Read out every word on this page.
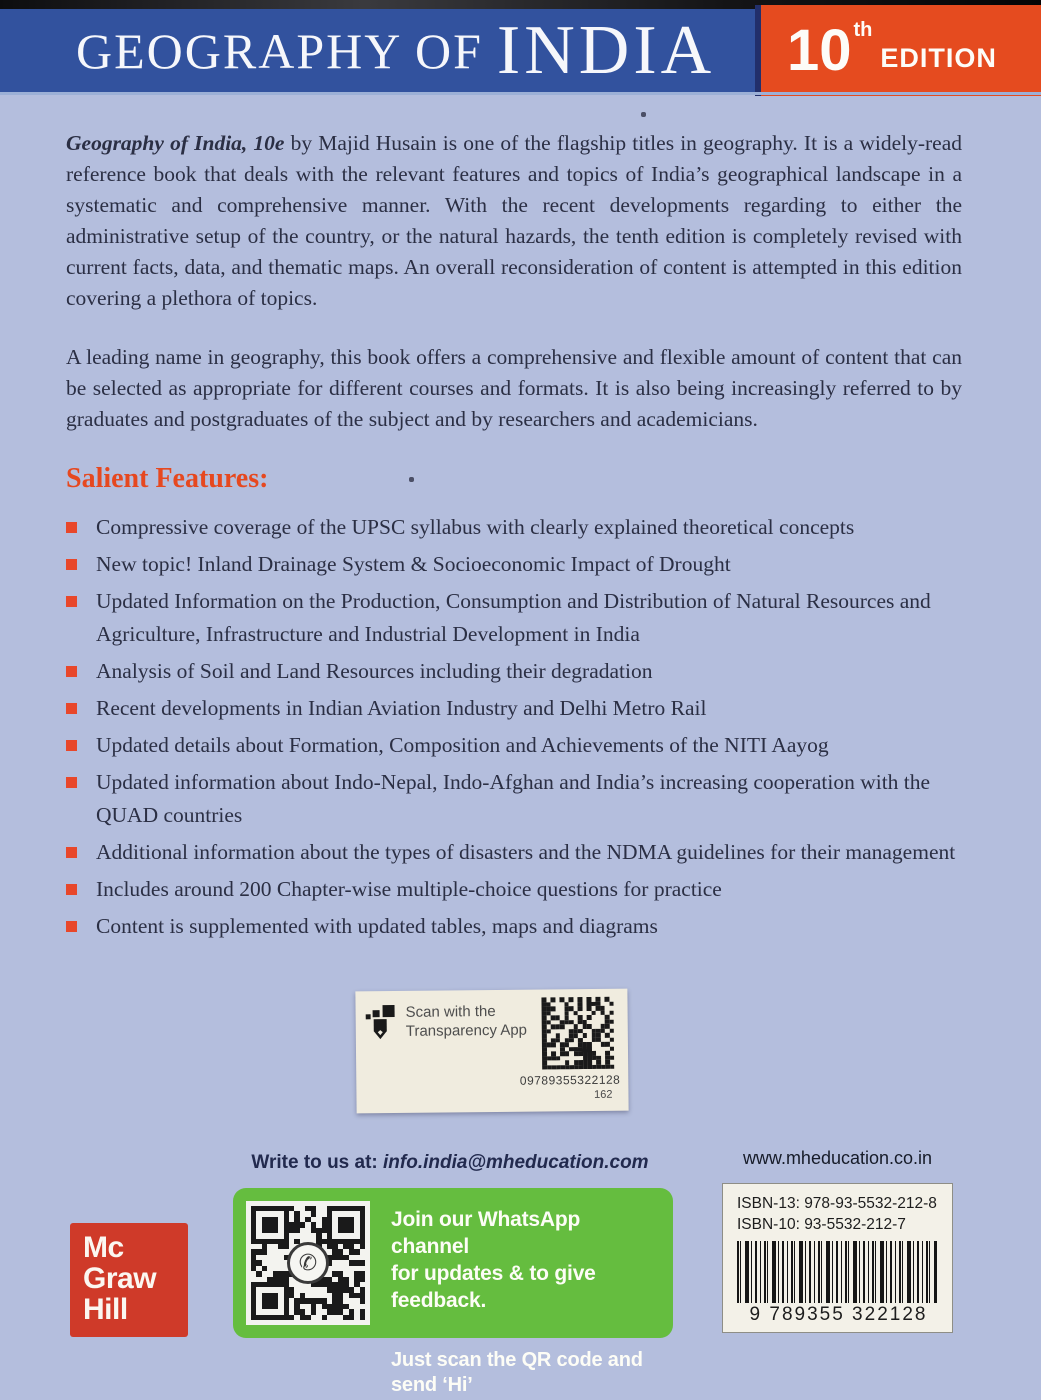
GEOGRAPHY OF INDIA 10 th
EDITION

Geography of India, 10e by Majid Husain is one of the flagship titles in geography. It is a widely-read reference book that deals with the relevant features and topics of India’s geographical landscape in a systematic and comprehensive manner. With the recent developments regarding to either the administrative setup of the country, or the natural hazards, the tenth edition is completely revised with current facts, data, and thematic maps. An overall reconsideration of content is attempted in this edition covering a plethora of topics.

A leading name in geography, this book offers a comprehensive and flexible amount of content that can be selected as appropriate for different courses and formats. It is also being increasingly referred to by graduates and postgraduates of the subject and by researchers and academicians.

Salient Features:
Compressive coverage of the UPSC syllabus with clearly explained theoretical concepts
New topic! Inland Drainage System & Socioeconomic Impact of Drought
Updated Information on the Production, Consumption and Distribution of Natural Resources and Agriculture, Infrastructure and Industrial Development in India
Analysis of Soil and Land Resources including their degradation
Recent developments in Indian Aviation Industry and Delhi Metro Rail
Updated details about Formation, Composition and Achievements of the NITI Aayog
Updated information about Indo-Nepal, Indo-Afghan and India’s increasing cooperation with the QUAD countries
Additional information about the types of disasters and the NDMA guidelines for their management
Includes around 200 Chapter-wise multiple-choice questions for practice
Content is supplemented with updated tables, maps and diagrams
Scan with the
Transparency App
09789355322128
162
Write to us at: info.india@mheducation.com	www.mheducation.co.in
Mc
Graw
Hill
✆
Join our WhatsApp channel
for updates & to give feedback.
Just scan the QR code and send ‘Hi’
ISBN-13: 978-93-5532-212-8
ISBN-10: 93-5532-212-7
9 789355 322128
